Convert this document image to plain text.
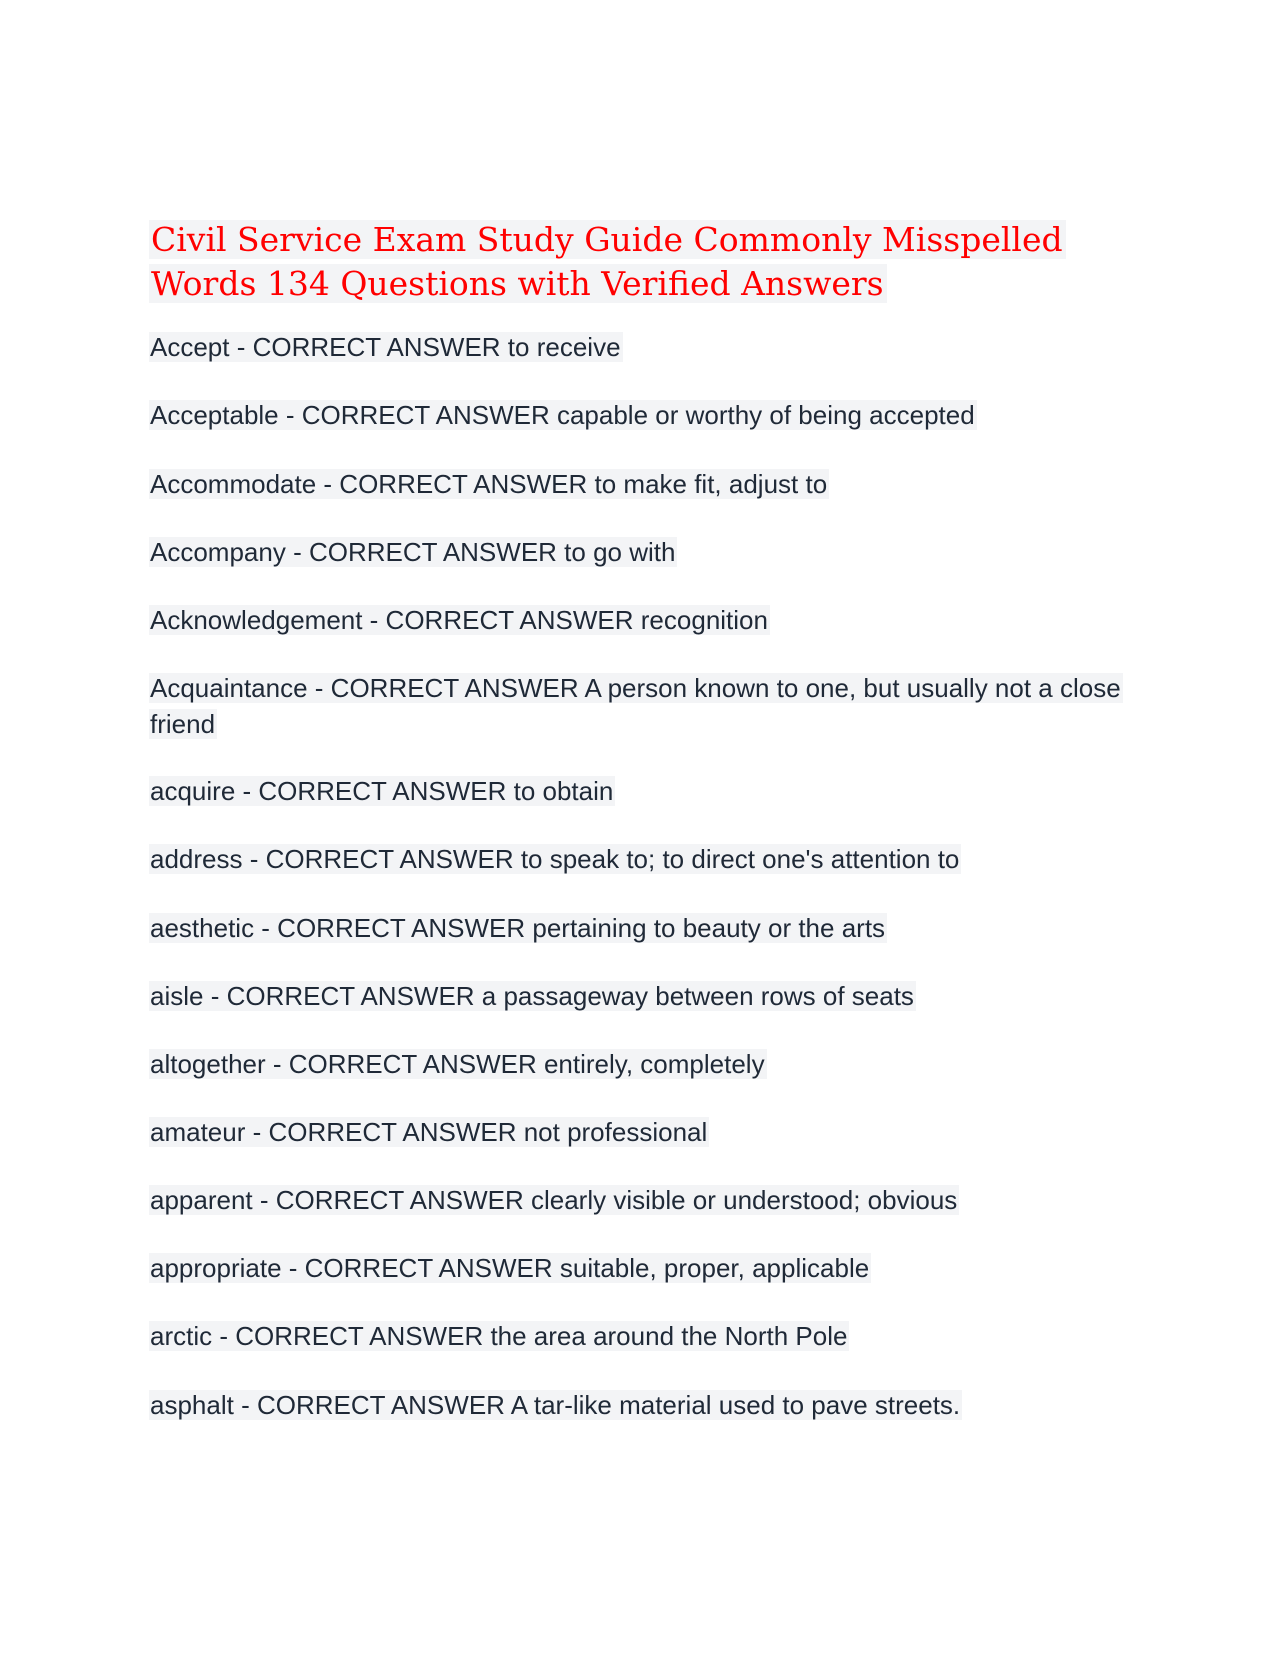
Civil Service Exam Study Guide Commonly Misspelled Words 134 Questions with Verified Answers
Accept - CORRECT ANSWER to receive
Acceptable - CORRECT ANSWER capable or worthy of being accepted
Accommodate - CORRECT ANSWER to make fit, adjust to
Accompany - CORRECT ANSWER to go with
Acknowledgement - CORRECT ANSWER recognition
Acquaintance - CORRECT ANSWER A person known to one, but usually not a close friend
acquire - CORRECT ANSWER to obtain
address - CORRECT ANSWER to speak to; to direct one's attention to
aesthetic - CORRECT ANSWER pertaining to beauty or the arts
aisle - CORRECT ANSWER a passageway between rows of seats
altogether - CORRECT ANSWER entirely, completely
amateur - CORRECT ANSWER not professional
apparent - CORRECT ANSWER clearly visible or understood; obvious
appropriate - CORRECT ANSWER suitable, proper, applicable
arctic - CORRECT ANSWER the area around the North Pole
asphalt - CORRECT ANSWER A tar-like material used to pave streets.
